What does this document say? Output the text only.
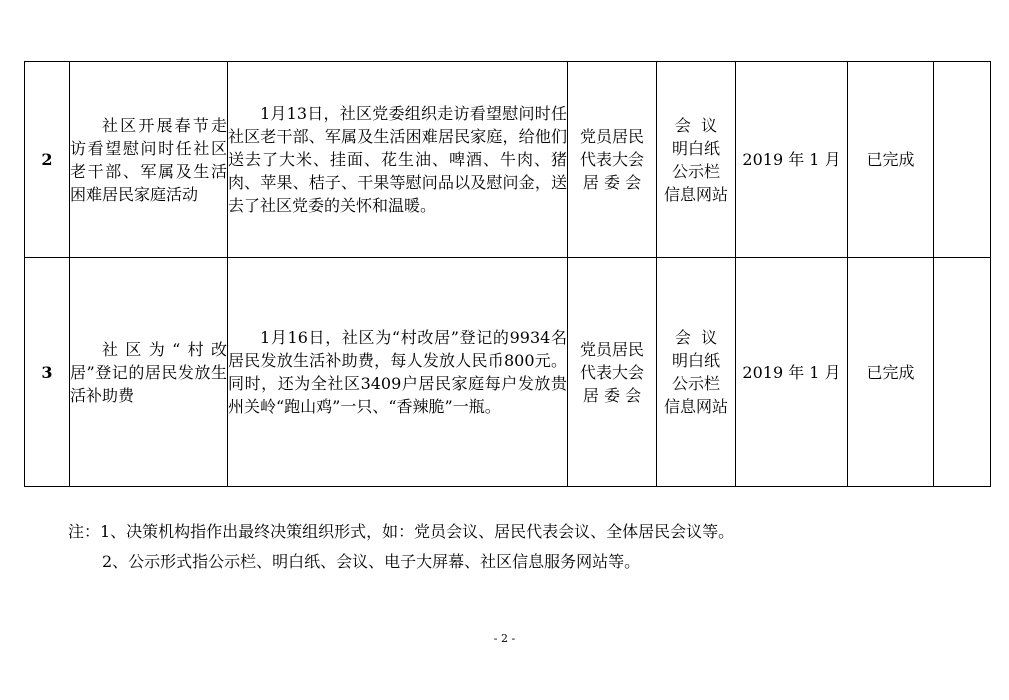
2	社区开展春节走访看望慰问时任社区老干部、军属及生活困难居民家庭活动	1月13日，社区党委组织走访看望慰问时任社区老干部、军属及生活困难居民家庭，给他们送去了大米、挂面、花生油、啤酒、牛肉、猪肉、苹果、桔子、干果等慰问品以及慰问金，送去了社区党委的关怀和温暖。	党员居民
代表大会
居 委 会	会  议
明白纸
公示栏
信息网站	2019 年 1 月	已完成	
3	社区为“村改居”登记的居民发放生活补助费	1月16日，社区为“村改居”登记的9934名居民发放生活补助费，每人发放人民币800元。同时，还为全社区3409户居民家庭每户发放贵州关岭“跑山鸡”一只、“香辣脆”一瓶。	党员居民
代表大会
居 委 会	会  议
明白纸
公示栏
信息网站	2019 年 1 月	已完成	
注：1、决策机构指作出最终决策组织形式，如：党员会议、居民代表会议、全体居民会议等。
2、公示形式指公示栏、明白纸、会议、电子大屏幕、社区信息服务网站等。
- 2 -
